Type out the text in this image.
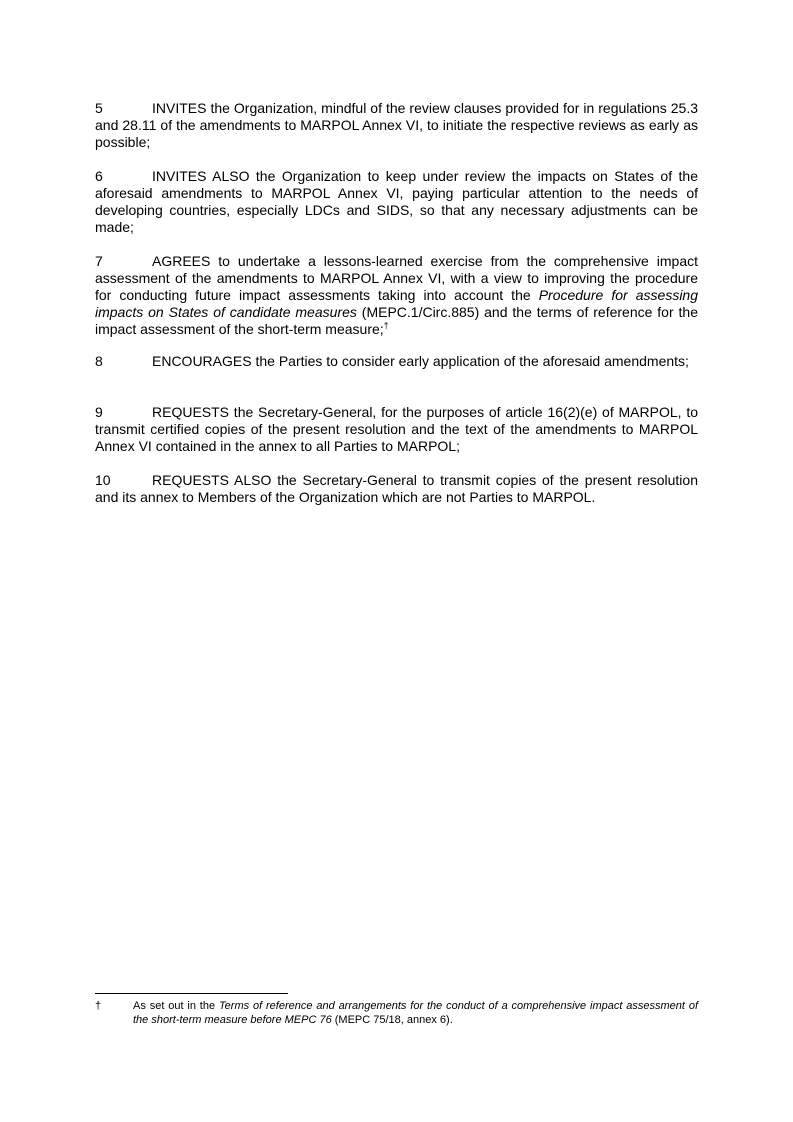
5	INVITES the Organization, mindful of the review clauses provided for in regulations 25.3 and 28.11 of the amendments to MARPOL Annex VI, to initiate the respective reviews as early as possible;

6	INVITES ALSO the Organization to keep under review the impacts on States of the aforesaid amendments to MARPOL Annex VI, paying particular attention to the needs of developing countries, especially LDCs and SIDS, so that any necessary adjustments can be made;

7	AGREES to undertake a lessons-learned exercise from the comprehensive impact assessment of the amendments to MARPOL Annex VI, with a view to improving the procedure for conducting future impact assessments taking into account the Procedure for assessing impacts on States of candidate measures (MEPC.1/Circ.885) and the terms of reference for the impact assessment of the short-term measure;†

8	ENCOURAGES the Parties to consider early application of the aforesaid amendments;

9	REQUESTS the Secretary-General, for the purposes of article 16(2)(e) of MARPOL, to transmit certified copies of the present resolution and the text of the amendments to MARPOL Annex VI contained in the annex to all Parties to MARPOL;

10	REQUESTS ALSO the Secretary-General to transmit copies of the present resolution and its annex to Members of the Organization which are not Parties to MARPOL.

†	As set out in the Terms of reference and arrangements for the conduct of a comprehensive impact assessment of the short-term measure before MEPC 76 (MEPC 75/18, annex 6).
